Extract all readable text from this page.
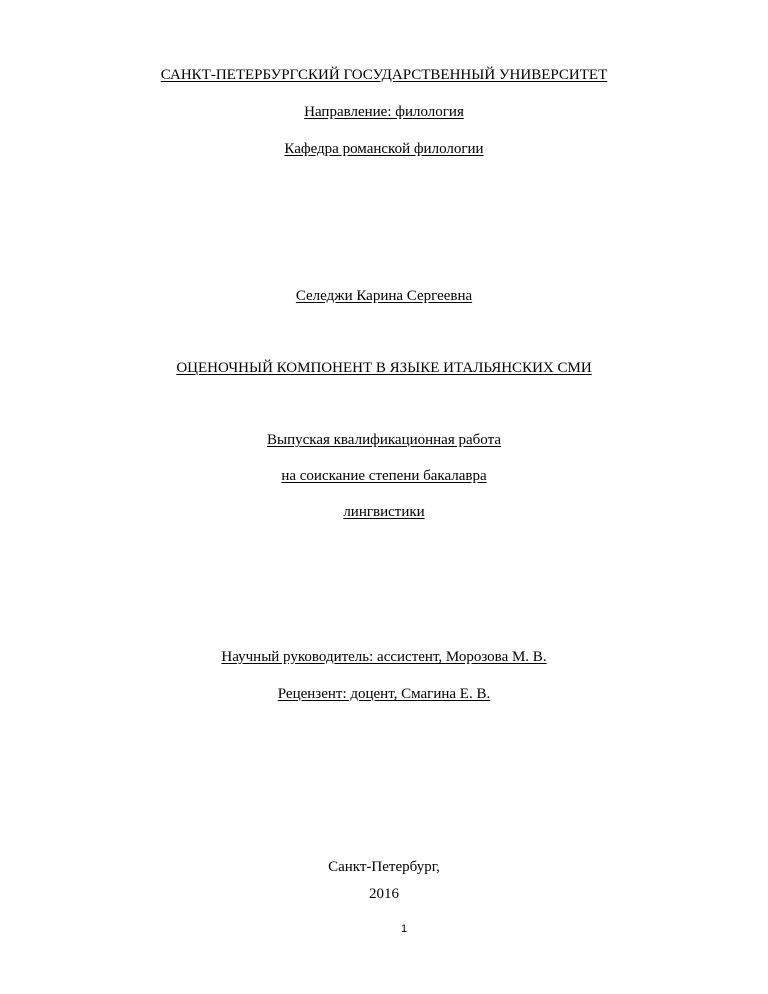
САНКТ-ПЕТЕРБУРГСКИЙ ГОСУДАРСТВЕННЫЙ УНИВЕРСИТЕТ
Направление: филология
Кафедра романской филологии
Селеджи Карина Сергеевна
ОЦЕНОЧНЫЙ КОМПОНЕНТ В ЯЗЫКЕ ИТАЛЬЯНСКИХ СМИ
Выпуская квалификационная работа
на соискание степени бакалавра
лингвистики
Научный руководитель: ассистент, Морозова М. В.
Рецензент: доцент, Смагина Е. В.
Санкт-Петербург,
2016
1
